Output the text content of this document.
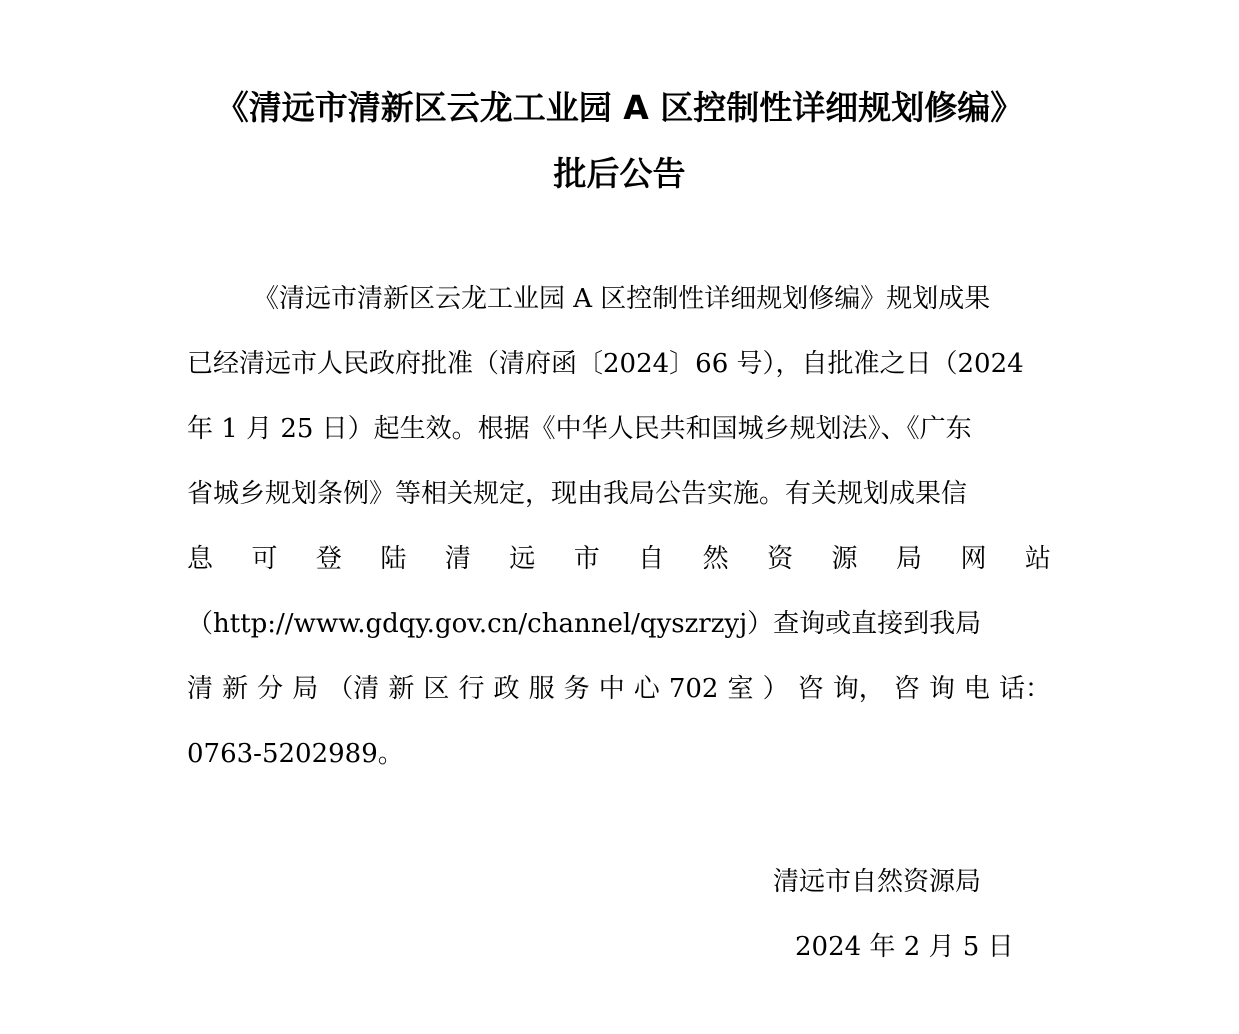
《清远市清新区云龙工业园 A 区控制性详细规划修编》
批后公告
《清远市清新区云龙工业园 A 区控制性详细规划修编》规划成果
已经清远市人民政府批准（清府函〔2024〕66 号），自批准之日（2024
年 1 月 25 日）起生效。根据《中华人民共和国城乡规划法》、《广东
省城乡规划条例》等相关规定，现由我局公告实施。有关规划成果信
息 可 登 陆 清 远 市 自 然 资 源 局 网 站
（http://www.gdqy.gov.cn/channel/qyszrzyj）查询或直接到我局
清 新 分 局 （清 新 区 行 政 服 务 中 心 702 室 ） 咨 询， 咨 询 电 话：
0763-5202989。
清远市自然资源局
2024 年 2 月 5 日
